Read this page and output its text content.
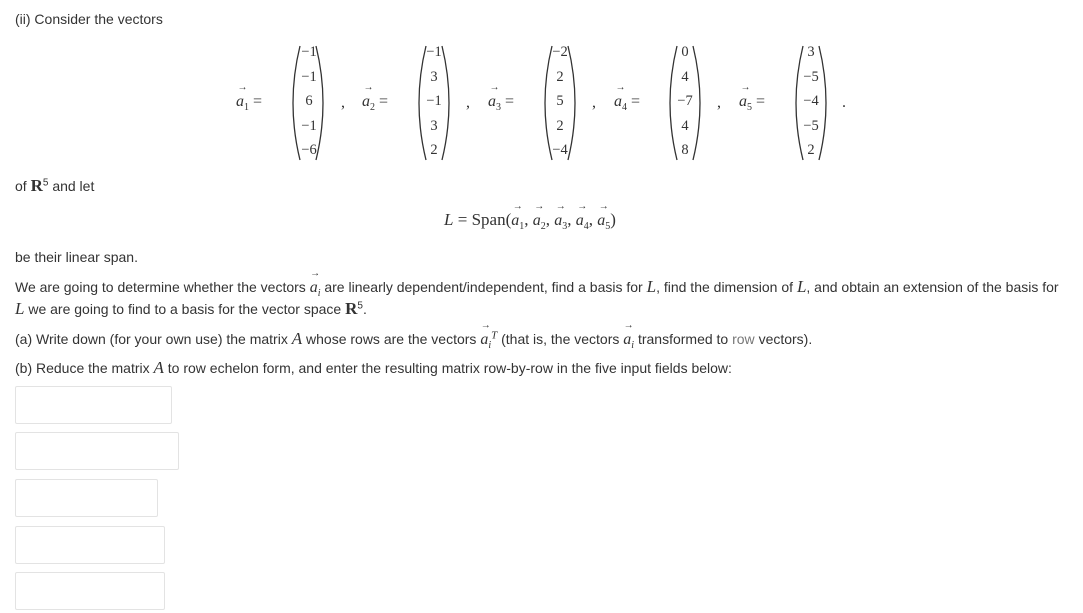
(ii) Consider the vectors
→ $a_1$ =
−1
−1
6
−1
−6
, → $a_2$ =
−1
3
−1
3
2
, → $a_3$ =
−2
2
5
2
−4
, → $a_4$ =
0
4
−7
4
8
, → $a_5$ =
3
−5
−4
−5
2
.
of $R^5$ and let
L = Span(→ $a_1$, → $a_2$, → $a_3$, → $a_4$, → $a_5$)
be their linear span.
We are going to determine whether the vectors → $a_i$ are linearly dependent/independent, find a basis for L, find the dimension of L, and obtain an extension of the basis for
L we are going to find to a basis for the vector space $R^5$.
(a) Write down (for your own use) the matrix A whose rows are the vectors → $a_i^T$ (that is, the vectors → $a_i$ transformed to row vectors).
(b) Reduce the matrix A to row echelon form, and enter the resulting matrix row-by-row in the five input fields below:
